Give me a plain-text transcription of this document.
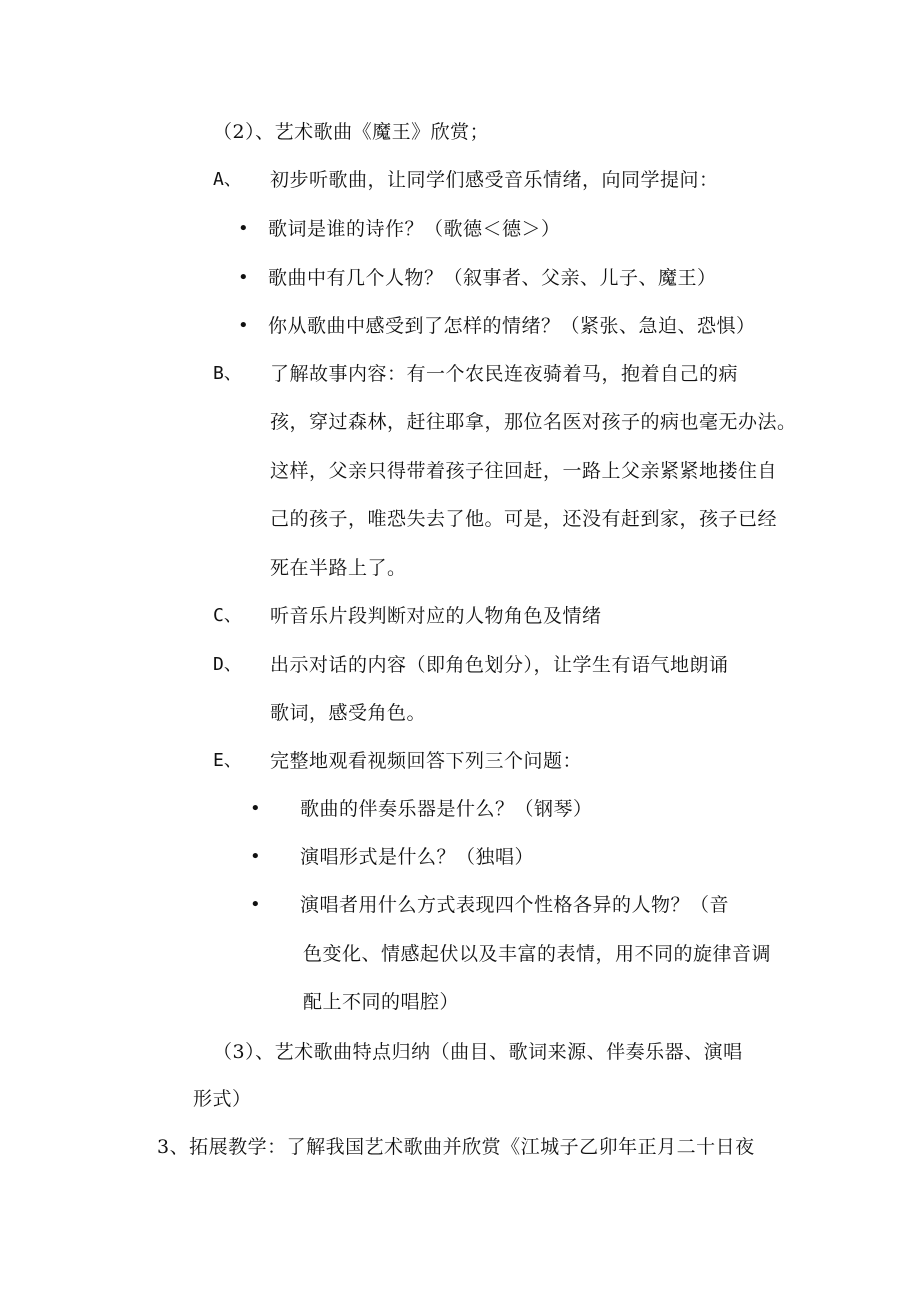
（2）、艺术歌曲《魔王》欣赏；
A、 初步听歌曲，让同学们感受音乐情绪，向同学提问：
• 歌词是谁的诗作？（歌德＜德＞）
• 歌曲中有几个人物？（叙事者、父亲、儿子、魔王）
• 你从歌曲中感受到了怎样的情绪？（紧张、急迫、恐惧）
B、 了解故事内容：有一个农民连夜骑着马，抱着自己的病
孩，穿过森林，赶往耶拿，那位名医对孩子的病也毫无办法。
这样，父亲只得带着孩子往回赶，一路上父亲紧紧地搂住自
己的孩子，唯恐失去了他。可是，还没有赶到家，孩子已经
死在半路上了。
C、 听音乐片段判断对应的人物角色及情绪
D、 出示对话的内容（即角色划分），让学生有语气地朗诵
歌词，感受角色。
E、 完整地观看视频回答下列三个问题：
• 歌曲的伴奏乐器是什么？（钢琴）
• 演唱形式是什么？（独唱）
• 演唱者用什么方式表现四个性格各异的人物？（音
色变化、情感起伏以及丰富的表情，用不同的旋律音调
配上不同的唱腔）
（3）、艺术歌曲特点归纳（曲目、歌词来源、伴奏乐器、演唱
形式）
3、拓展教学：了解我国艺术歌曲并欣赏《江城子乙卯年正月二十日夜
